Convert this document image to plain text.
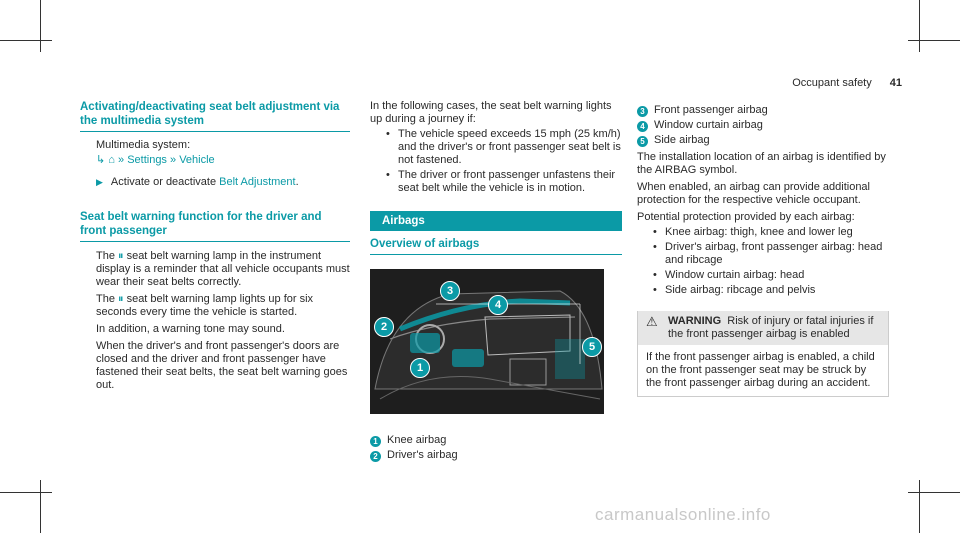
Occupant safety 41
Activating/deactivating seat belt adjustment via the multimedia system

Multimedia system:

↳ ⌂ » Settings » Vehicle

▶ Activate or deactivate Belt Adjustment.

Seat belt warning function for the driver and front passenger

The ⏸ seat belt warning lamp in the instrument display is a reminder that all vehicle occupants must wear their seat belts correctly.

The ⏸ seat belt warning lamp lights up for six seconds every time the vehicle is started.

In addition, a warning tone may sound.

When the driver's and front passenger's doors are closed and the driver and front passenger have fastened their seat belts, the seat belt warning goes out.

In the following cases, the seat belt warning lights up during a journey if:

• The vehicle speed exceeds 15 mph (25 km/h) and the driver's or front passenger seat belt is not fastened.
• The driver or front passenger unfastens their seat belt while the vehicle is in motion.
Airbags
Overview of airbags
3
4
2
5
1

1 Knee airbag

2 Driver's airbag

3 Front passenger airbag

4 Window curtain airbag

5 Side airbag

The installation location of an airbag is identified by the AIRBAG symbol.

When enabled, an airbag can provide additional protection for the respective vehicle occupant.

Potential protection provided by each airbag:

• Knee airbag: thigh, knee and lower leg
• Driver's airbag, front passenger airbag: head and ribcage
• Window curtain airbag: head
• Side airbag: ribcage and pelvis
⚠ WARNING Risk of injury or fatal injuries if the front passenger airbag is enabled

If the front passenger airbag is enabled, a child on the front passenger seat may be struck by the front passenger airbag during an accident.

carmanualsonline.info
